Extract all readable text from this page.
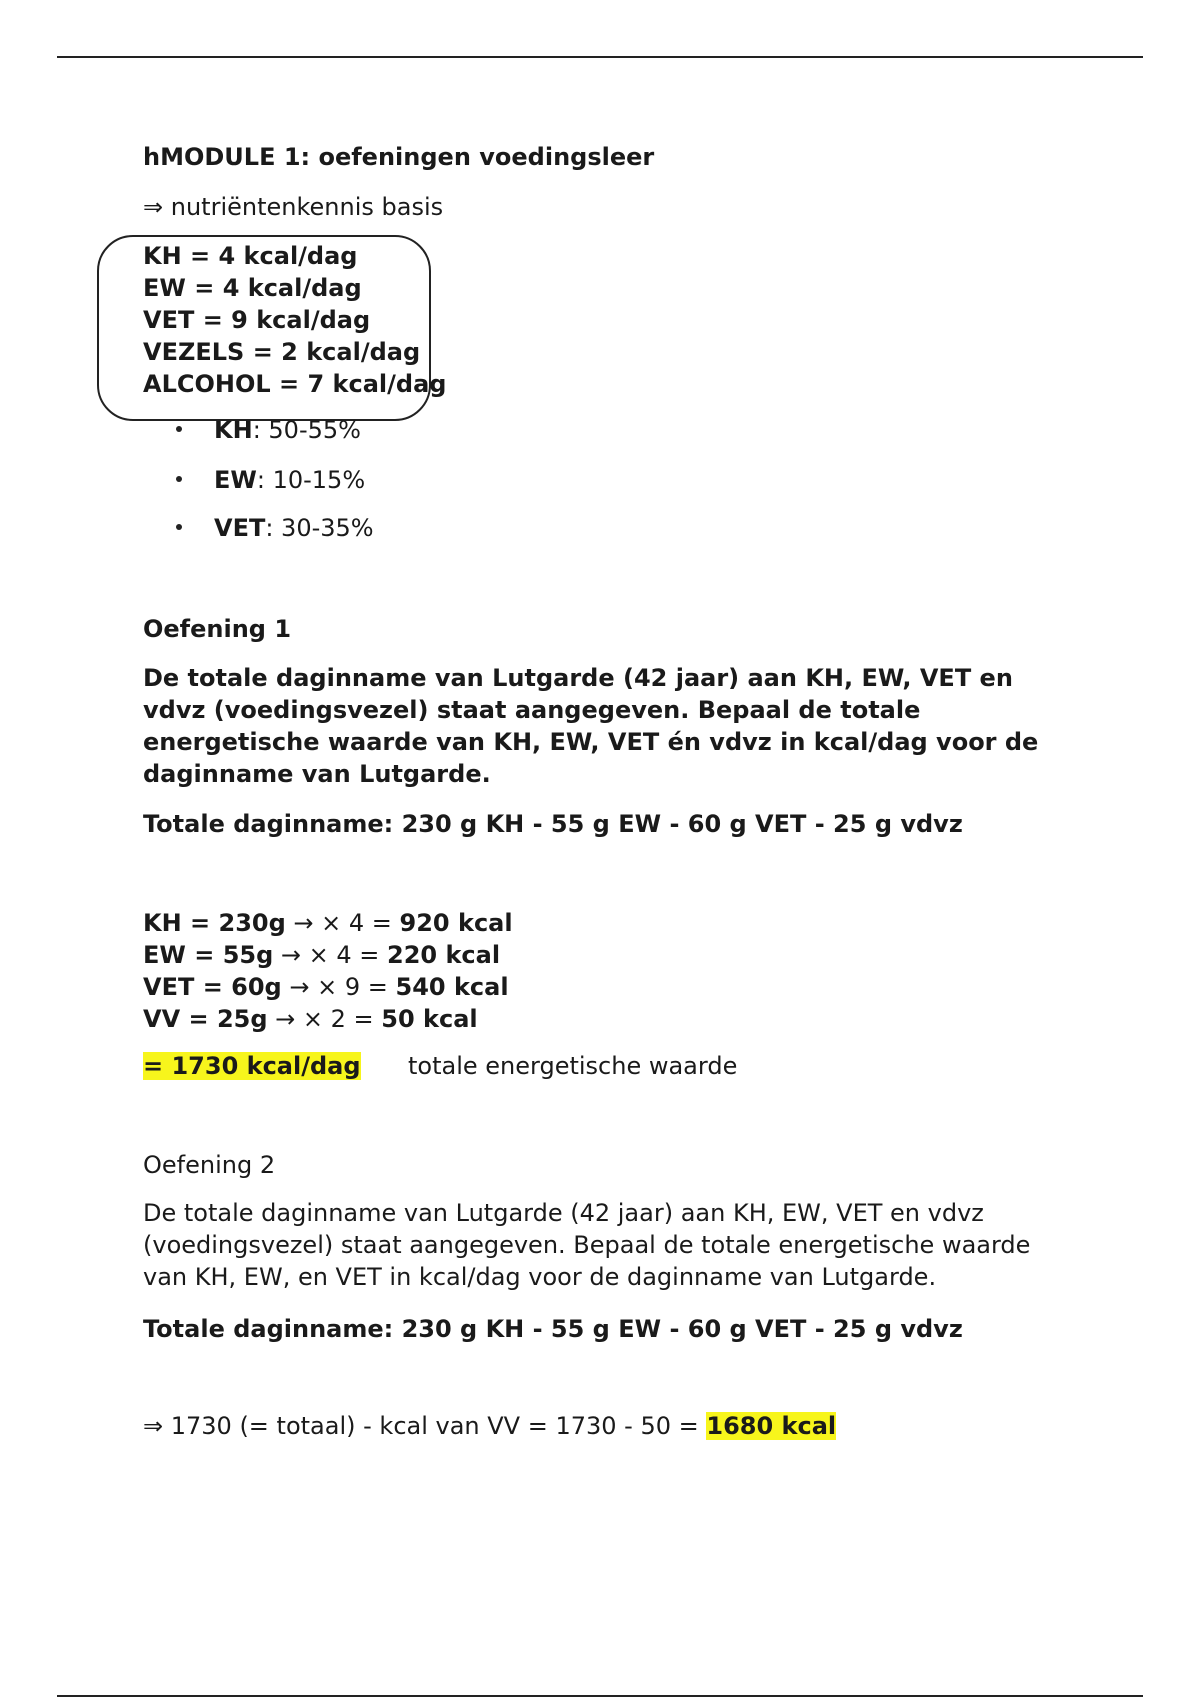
hMODULE 1: oefeningen voedingsleer
⇒ nutriëntenkennis basis
KH = 4 kcal/dag
EW = 4 kcal/dag
VET = 9 kcal/dag
VEZELS = 2 kcal/dag
ALCOHOL = 7 kcal/dag
KH: 50-55%
EW: 10-15%
VET: 30-35%
Oefening 1
De totale daginname van Lutgarde (42 jaar) aan KH, EW, VET en vdvz (voedingsvezel) staat aangegeven. Bepaal de totale energetische waarde van KH, EW, VET én vdvz in kcal/dag voor de daginname van Lutgarde.
Totale daginname: 230 g KH - 55 g EW - 60 g VET - 25 g vdvz
KH = 230g → × 4 = 920 kcal
EW = 55g → × 4 = 220 kcal
VET = 60g → × 9 = 540 kcal
VV = 25g → × 2 = 50 kcal
= 1730 kcal/dag totale energetische waarde
Oefening 2
De totale daginname van Lutgarde (42 jaar) aan KH, EW, VET en vdvz (voedingsvezel) staat aangegeven. Bepaal de totale energetische waarde van KH, EW, en VET in kcal/dag voor de daginname van Lutgarde.
Totale daginname: 230 g KH - 55 g EW - 60 g VET - 25 g vdvz
⇒ 1730 (= totaal) - kcal van VV = 1730 - 50 = 1680 kcal
